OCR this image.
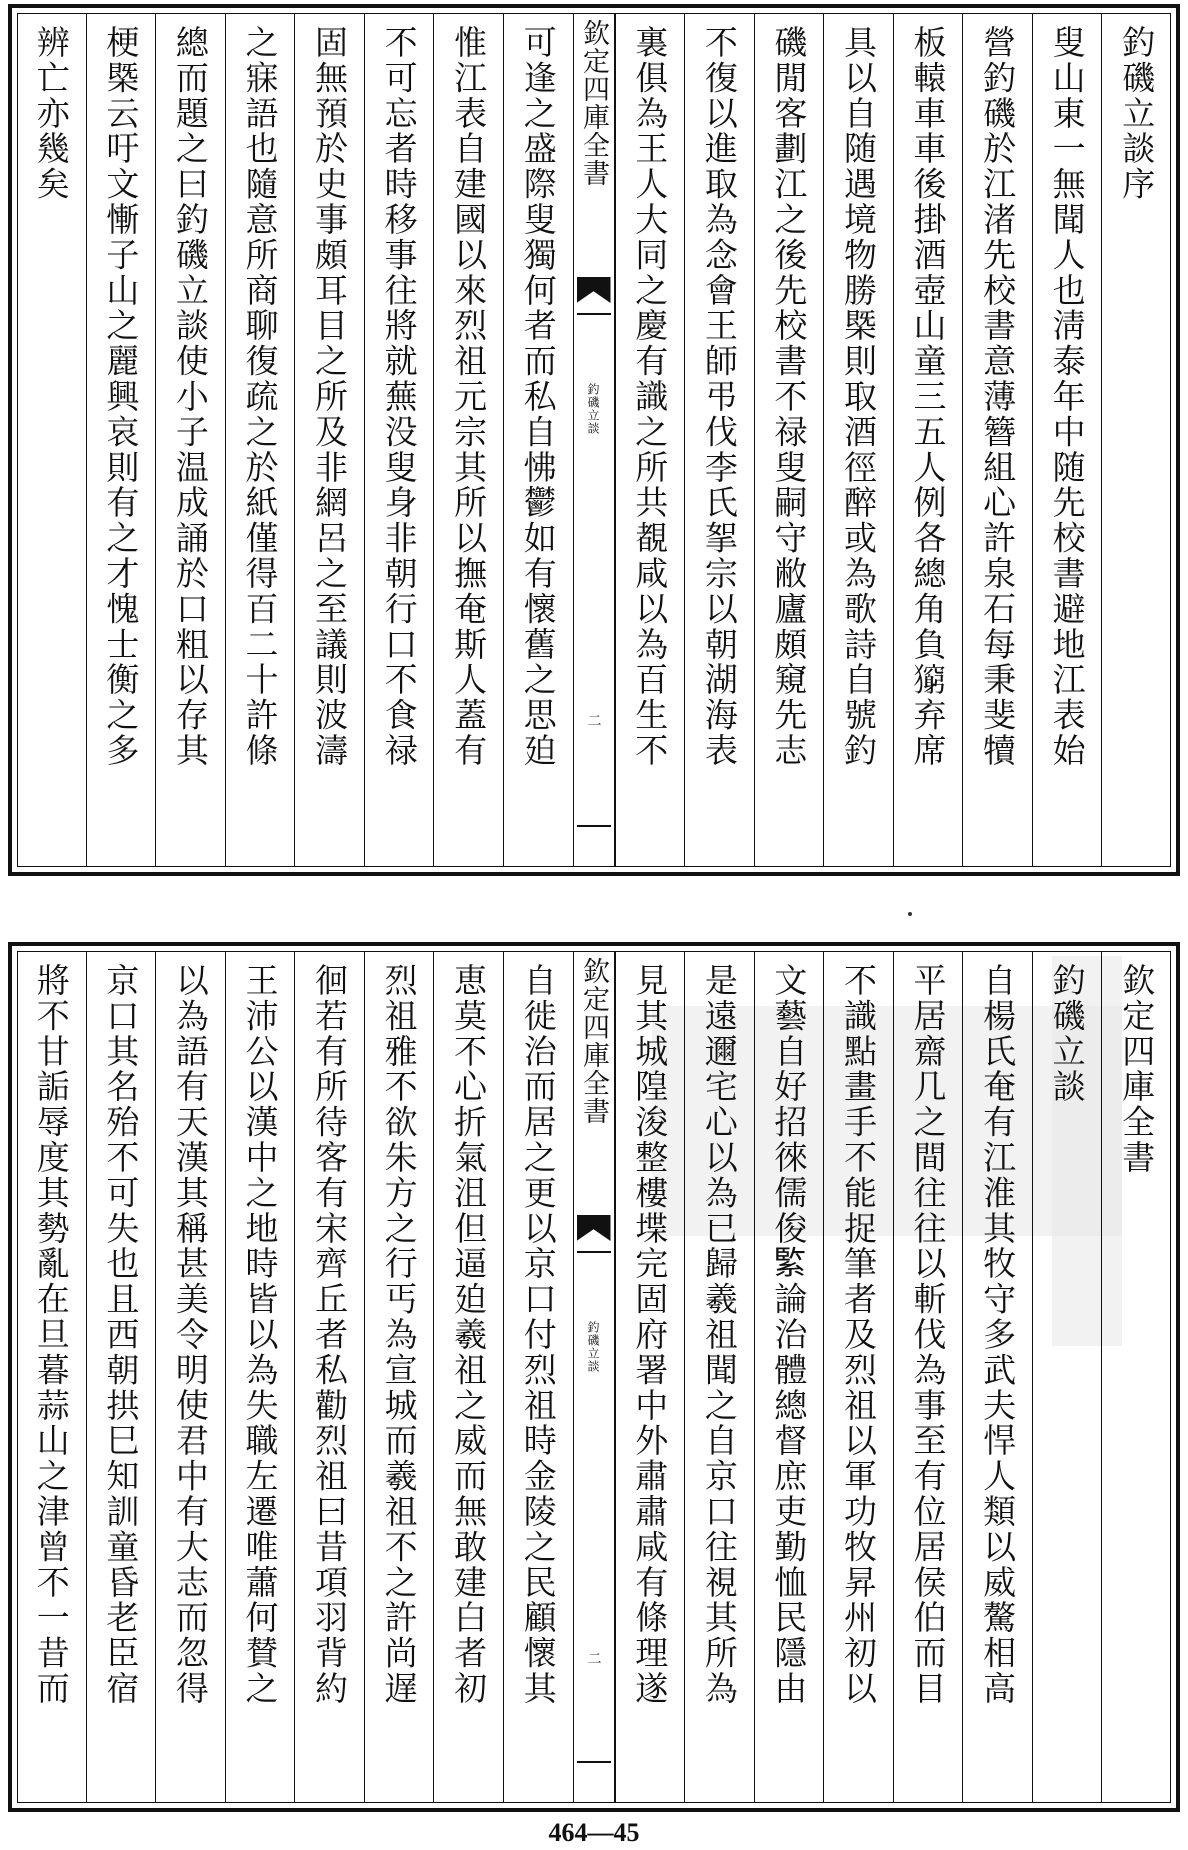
釣磯立談序
叟山東一無聞人也淸泰年中随先校書避地江表始
營釣磯於江渚先校書意薄簪組心許泉石每秉斐犢
板轅車車後掛酒壺山童三五人例各總角負𤢶弃席
具以自随遇境物勝槩則取酒徑醉或為歌詩自號釣
磯閒客劃江之後先校書不禄叟嗣守敝廬頗窺先志
不復以進取為念會王師弔伐李氏挐宗以朝湖海表
裏俱為王人大同之慶有識之所共覩咸以為百生不
欽定四庫全書
釣磯立談
二
可逢之盛際叟獨何者而私自怫鬱如有懷舊之思廹
惟江表自建國以來烈祖元宗其所以撫奄斯人蓋有
不可忘者時移事往將就蕪没叟身非朝行口不食禄
固無預於史事頗耳目之所及非網呂之至議則波濤
之寐語也隨意所商聊復疏之於紙僅得百二十許條
總而題之曰釣磯立談使小子温成誦於口粗以存其
梗槩云吁文慚子山之麗興哀則有之才愧士衡之多
辨亡亦幾矣
欽定四庫全書
釣磯立談
自楊氏奄有江淮其牧守多武夫悍人類以威驁相高
平居齋几之間往往以斬伐為事至有位居侯伯而目
不識點畫手不能捉筆者及烈祖以軍功牧昇州初以
文藝自好招徠儒俊𦂳論治體總督庶吏勤恤民隱由
是遠邇宅心以為已歸羲祖聞之自京口往視其所為
見其城隍浚整樓堞完固府署中外肅肅咸有條理遂
欽定四庫全書
釣磯立談
二
自徙治而居之更以京口付烈祖時金陵之民顧懷其
恵莫不心折氣沮但逼廹羲祖之威而無敢建白者初
烈祖雅不欲朱方之行丐為宣城而羲祖不之許尚遅
徊若有所待客有宋齊丘者私勸烈祖曰昔項羽背約
王沛公以漢中之地時皆以為失職左遷唯蕭何賛之
以為語有天漢其稱甚美令明使君中有大志而忽得
京口其名殆不可失也且西朝拱巳知訓童昏老臣宿
將不甘詬辱度其勢亂在旦暮蒜山之津曾不一昔而
464—45
